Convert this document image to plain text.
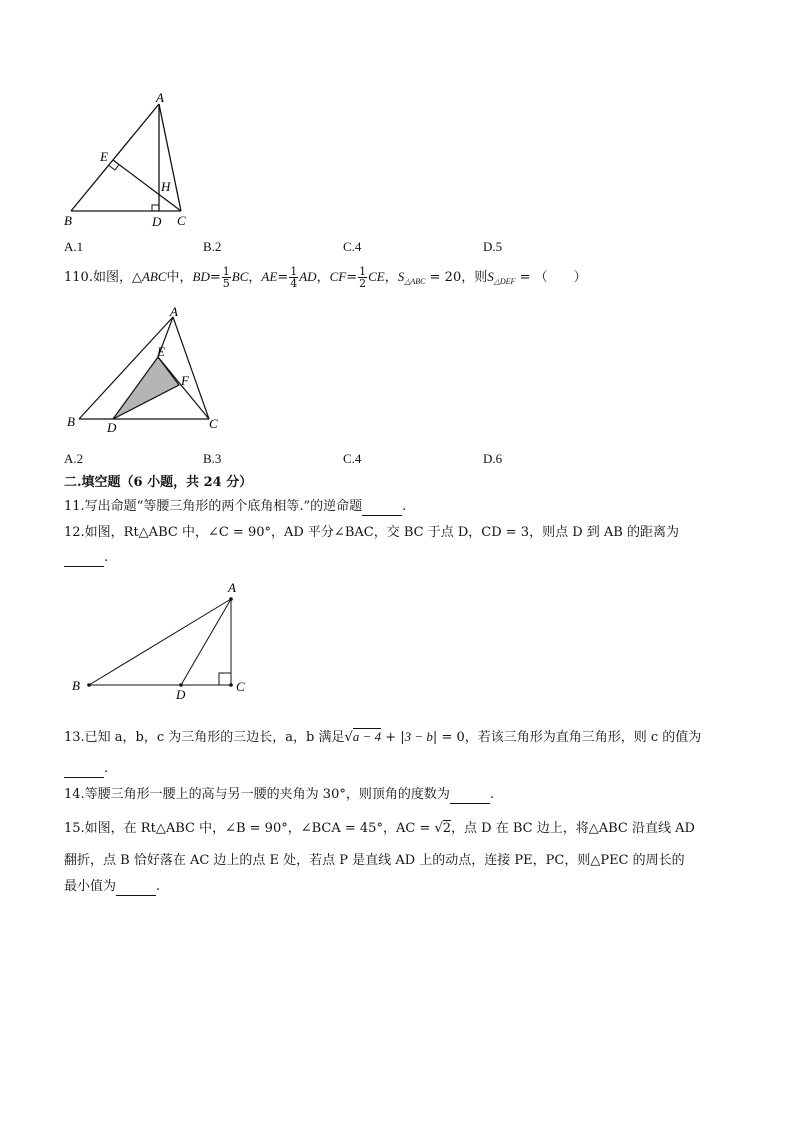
A
E
H
B	D C
A.1	B.2	C.4	D.5
110.如图，△ABC中，$BD= \frac{1}{5}$ BC，$AE= \frac{1}{4}$ AD，$CF= \frac{1}{2}$ CE，$S_{\triangle ABC} = 20$，则$S_{\triangle DEF}$ = （　　）
A
E
F
B D	C
A.2	B.3	C.4	D.6
二.填空题（6 小题，共 24 分）
11.写出命题“等腰三角形的两个底角相等.”的逆命题	.
12.如图，Rt△ABC 中，∠C = 90°，AD 平分∠BAC，交 BC 于点 D，CD = 3，则点 D 到 AB 的距离为
.
A
B
D
C
13.已知 a，b，c 为三角形的三边长，a，b 满足√a − 4 + |3 − b| = 0，若该三角形为直角三角形，则 c 的值为
.
14.等腰三角形一腰上的高与另一腰的夹角为 30°，则顶角的度数为	.
15.如图，在 Rt△ABC 中，∠B = 90°，∠BCA = 45°，AC = √2，点 D 在 BC 边上，将△ABC 沿直线 AD
翻折，点 B 恰好落在 AC 边上的点 E 处，若点 P 是直线 AD 上的动点，连接 PE，PC，则△PEC 的周长的
最小值为	.
